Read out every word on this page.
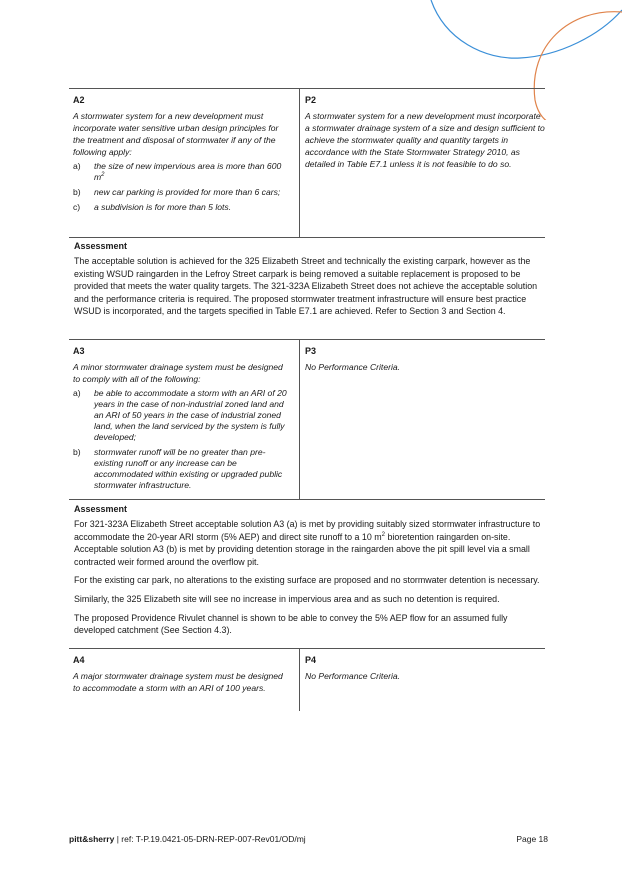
A2
A stormwater system for a new development must incorporate water sensitive urban design principles for the treatment and disposal of stormwater if any of the following apply:
a) the size of new impervious area is more than 600 $m^2$
b) new car parking is provided for more than 6 cars;
c) a subdivision is for more than 5 lots.
P2
A stormwater system for a new development must incorporate a stormwater drainage system of a size and design sufficient to achieve the stormwater quality and quantity targets in accordance with the State Stormwater Strategy 2010, as detailed in Table E7.1 unless it is not feasible to do so.
Assessment

The acceptable solution is achieved for the 325 Elizabeth Street and technically the existing carpark, however as the existing WSUD raingarden in the Lefroy Street carpark is being removed a suitable replacement is proposed to be provided that meets the water quality targets. The 321-323A Elizabeth Street does not achieve the acceptable solution and the performance criteria is required. The proposed stormwater treatment infrastructure will ensure best practice WSUD is incorporated, and the targets specified in Table E7.1 are achieved. Refer to Section 3 and Section 4.

A3
A minor stormwater drainage system must be designed to comply with all of the following:
a) be able to accommodate a storm with an ARI of 20 years in the case of non-industrial zoned land and an ARI of 50 years in the case of industrial zoned land, when the land serviced by the system is fully developed;
b) stormwater runoff will be no greater than pre-existing runoff or any increase can be accommodated within existing or upgraded public stormwater infrastructure.
P3
No Performance Criteria.
Assessment

For 321-323A Elizabeth Street acceptable solution A3 (a) is met by providing suitably sized stormwater infrastructure to accommodate the 20-year ARI storm (5% AEP) and direct site runoff to a 10 $m^2$ bioretention raingarden on-site. Acceptable solution A3 (b) is met by providing detention storage in the raingarden above the pit spill level via a small contracted weir formed around the overflow pit.

For the existing car park, no alterations to the existing surface are proposed and no stormwater detention is necessary.

Similarly, the 325 Elizabeth site will see no increase in impervious area and as such no detention is required.

The proposed Providence Rivulet channel is shown to be able to convey the 5% AEP flow for an assumed fully developed catchment (See Section 4.3).

A4
A major stormwater drainage system must be designed to accommodate a storm with an ARI of 100 years.
P4
No Performance Criteria.
pitt&sherry | ref: T-P.19.0421-05-DRN-REP-007-Rev01/OD/mj	Page 18
